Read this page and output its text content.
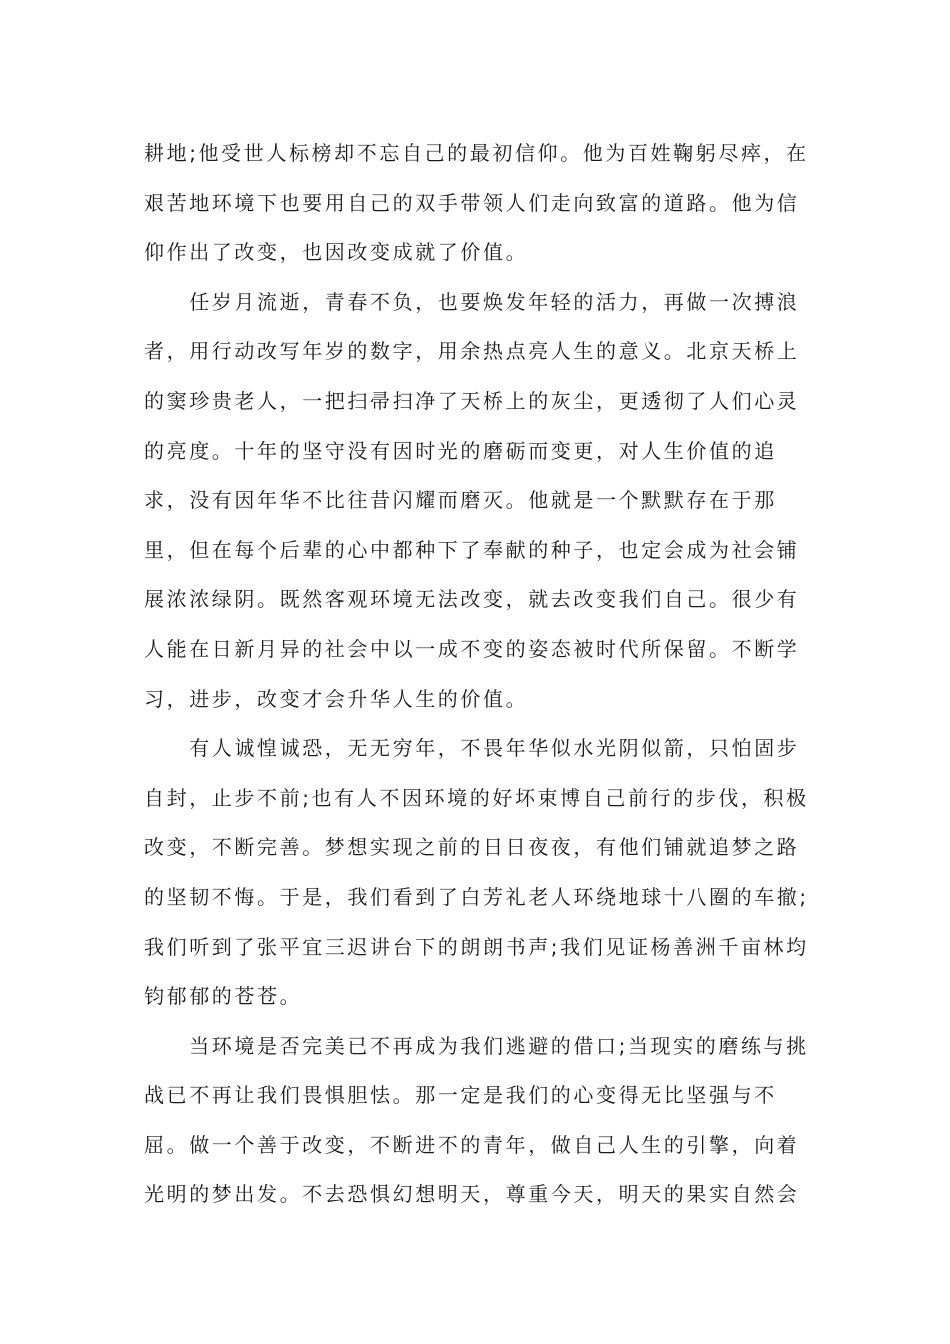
耕地;他受世人标榜却不忘自己的最初信仰。他为百姓鞠躬尽瘁，在
艰苦地环境下也要用自己的双手带领人们走向致富的道路。他为信
仰作出了改变，也因改变成就了价值。
　　任岁月流逝，青春不负，也要焕发年轻的活力，再做一次搏浪
者，用行动改写年岁的数字，用余热点亮人生的意义。北京天桥上
的窦珍贵老人，一把扫帚扫净了天桥上的灰尘，更透彻了人们心灵
的亮度。十年的坚守没有因时光的磨砺而变更，对人生价值的追
求，没有因年华不比往昔闪耀而磨灭。他就是一个默默存在于那
里，但在每个后辈的心中都种下了奉献的种子，也定会成为社会铺
展浓浓绿阴。既然客观环境无法改变，就去改变我们自己。很少有
人能在日新月异的社会中以一成不变的姿态被时代所保留。不断学
习，进步，改变才会升华人生的价值。
　　有人诚惶诚恐，无无穷年，不畏年华似水光阴似箭，只怕固步
自封，止步不前;也有人不因环境的好坏束博自己前行的步伐，积极
改变，不断完善。梦想实现之前的日日夜夜，有他们铺就追梦之路
的坚韧不悔。于是，我们看到了白芳礼老人环绕地球十八圈的车撤;
我们听到了张平宜三迟讲台下的朗朗书声;我们见证杨善洲千亩林均
钧郁郁的苍苍。
　　当环境是否完美已不再成为我们逃避的借口;当现实的磨练与挑
战已不再让我们畏惧胆怯。那一定是我们的心变得无比坚强与不
屈。做一个善于改变，不断进不的青年，做自己人生的引擎，向着
光明的梦出发。不去恐惧幻想明天，尊重今天，明天的果实自然会
